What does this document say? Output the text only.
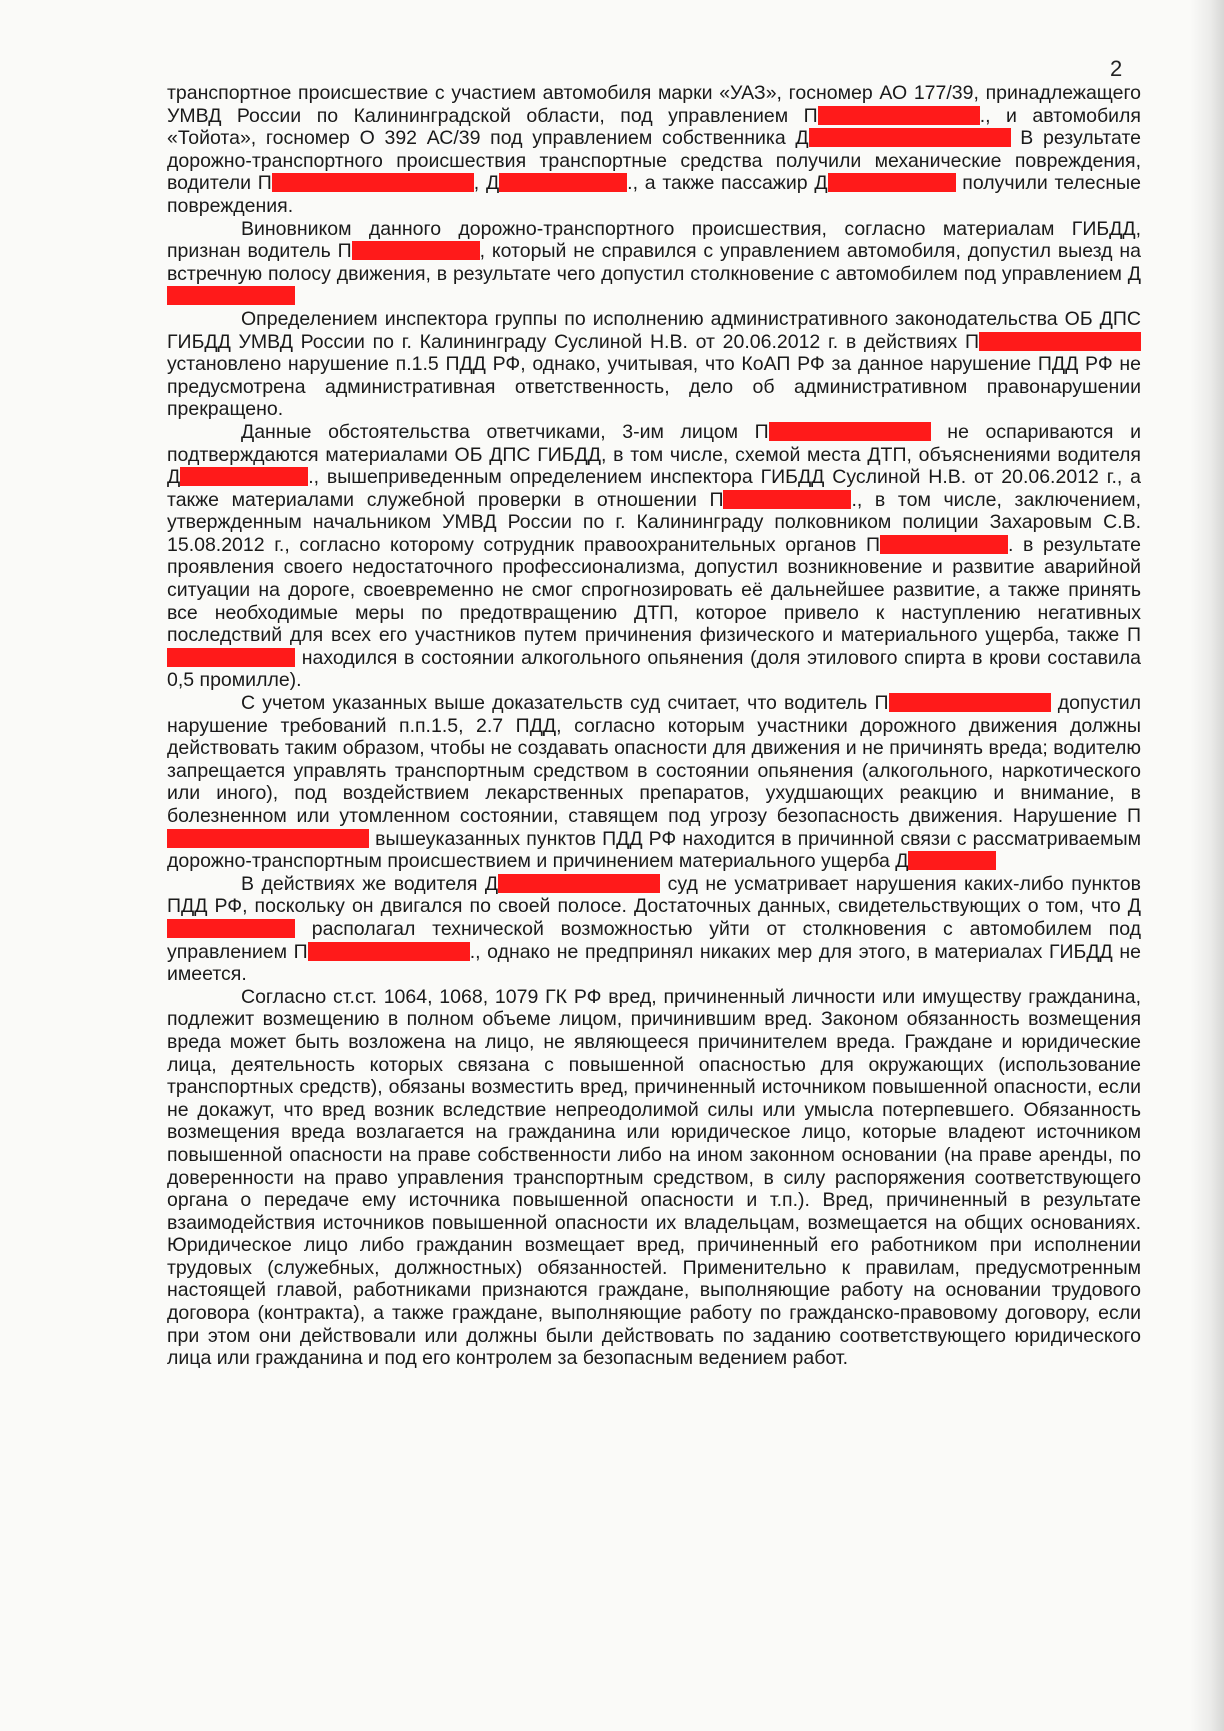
2

транспортное происшествие с участием автомобиля марки «УАЗ», госномер АО 177/39, принадлежащего УМВД России по Калининградской области, под управлением П	., и автомобиля «Тойота», госномер О 392 АС/39 под управлением собственника Д	В результате дорожно-транспортного происшествия транспортные средства получили механические повреждения, водители П	, Д	., а также пассажир Д	получили телесные повреждения.

Виновником данного дорожно-транспортного происшествия, согласно материалам ГИБДД, признан водитель П	, который не справился с управлением автомобиля, допустил выезд на встречную полосу движения, в результате чего допустил столкновение с автомобилем под управлением Д

Определением инспектора группы по исполнению административного законодательства ОБ ДПС ГИБДД УМВД России по г. Калининграду Суслиной Н.В. от 20.06.2012 г. в действиях П  установлено нарушение п.1.5 ПДД РФ, однако, учитывая, что КоАП РФ за данное нарушение ПДД РФ не предусмотрена административная ответственность, дело об административном правонарушении прекращено.

Данные обстоятельства ответчиками, 3-им лицом П	не оспариваются и подтверждаются материалами ОБ ДПС ГИБДД, в том числе, схемой места ДТП, объяснениями водителя Д	., вышеприведенным определением инспектора ГИБДД Суслиной Н.В. от 20.06.2012 г., а также материалами служебной проверки в отношении П	., в том числе, заключением, утвержденным начальником УМВД России по г. Калининграду полковником полиции Захаровым С.В. 15.08.2012 г., согласно которому сотрудник правоохранительных органов П	. в результате проявления своего недостаточного профессионализма, допустил возникновение и развитие аварийной ситуации на дороге, своевременно не смог спрогнозировать её дальнейшее развитие, а также принять все необходимые меры по предотвращению ДТП, которое привело к наступлению негативных последствий для всех его участников путем причинения физического и материального ущерба, также П  находился в состоянии алкогольного опьянения (доля этилового спирта в крови составила 0,5 промилле).

С учетом указанных выше доказательств суд считает, что водитель П	допустил нарушение требований п.п.1.5, 2.7 ПДД, согласно которым участники дорожного движения должны действовать таким образом, чтобы не создавать опасности для движения и не причинять вреда; водителю запрещается управлять транспортным средством в состоянии опьянения (алкогольного, наркотического или иного), под воздействием лекарственных препаратов, ухудшающих реакцию и внимание, в болезненном или утомленном состоянии, ставящем под угрозу безопасность движения. Нарушение П  вышеуказанных пунктов ПДД РФ находится в причинной связи с рассматриваемым дорожно-транспортным происшествием и причинением материального ущерба Д

В действиях же водителя Д	суд не усматривает нарушения каких-либо пунктов ПДД РФ, поскольку он двигался по своей полосе. Достаточных данных, свидетельствующих о том, что Д  располагал технической возможностью уйти от столкновения с автомобилем под управлением П	., однако не предпринял никаких мер для этого, в материалах ГИБДД не имеется.

Согласно ст.ст. 1064, 1068, 1079 ГК РФ вред, причиненный личности или имуществу гражданина, подлежит возмещению в полном объеме лицом, причинившим вред. Законом обязанность возмещения вреда может быть возложена на лицо, не являющееся причинителем вреда. Граждане и юридические лица, деятельность которых связана с повышенной опасностью для окружающих (использование транспортных средств), обязаны возместить вред, причиненный источником повышенной опасности, если не докажут, что вред возник вследствие непреодолимой силы или умысла потерпевшего. Обязанность возмещения вреда возлагается на гражданина или юридическое лицо, которые владеют источником повышенной опасности на праве собственности либо на ином законном основании (на праве аренды, по доверенности на право управления транспортным средством, в силу распоряжения соответствующего органа о передаче ему источника повышенной опасности и т.п.). Вред, причиненный в результате взаимодействия источников повышенной опасности их владельцам, возмещается на общих основаниях. Юридическое лицо либо гражданин возмещает вред, причиненный его работником при исполнении трудовых (служебных, должностных) обязанностей. Применительно к правилам, предусмотренным настоящей главой, работниками признаются граждане, выполняющие работу на основании трудового договора (контракта), а также граждане, выполняющие работу по гражданско-правовому договору, если при этом они действовали или должны были действовать по заданию соответствующего юридического лица или гражданина и под его контролем за безопасным ведением работ.
